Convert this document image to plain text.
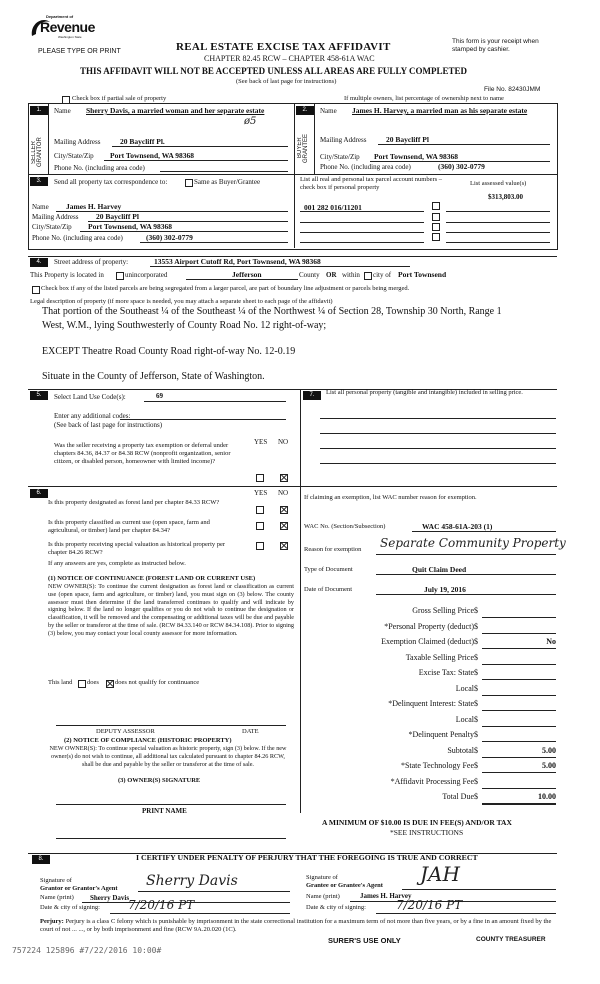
Department of
Revenue
Washington State
PLEASE TYPE OR PRINT	REAL ESTATE EXCISE TAX AFFIDAVIT
CHAPTER 82.45 RCW – CHAPTER 458-61A WAC
This form is your receipt when stamped by cashier.
THIS AFFIDAVIT WILL NOT BE ACCEPTED UNLESS ALL AREAS ARE FULLY COMPLETED
(See back of last page for instructions)
File No. 82430JMM
Check box if partial sale of property	If multiple owners, list percentage of ownership next to name
1.
SELLER GRANTOR
Name Sherry Davis, a married woman and her separate estate
ø5
Mailing Address	20 Baycliff Pl.
City/State/Zip Port Townsend, WA 98368
Phone No. (including area code)
2.
BUYER GRANTEE
Name James H. Harvey, a married man as his separate estate
Mailing Address	20 Baycliff Pl
City/State/Zip Port Townsend, WA 98368
Phone No. (including area code)	(360) 302-0779
3.	Send all property tax correspondence to:	Same as Buyer/Grantee
Name James H. Harvey
Mailing Address 20 Baycliff Pl
City/State/Zip Port Townsend, WA 98368
Phone No. (including area code)	(360) 302-0779
List all real and personal tax parcel account numbers – check box if personal property
List assessed value(s)
$313,803.00
001 282 016/11201
4.	Street address of property:	13553 Airport Cutoff Rd, Port Townsend, WA 98368
This Property is located in	unincorporated	Jefferson	County OR within city of Port Townsend
Check box if any of the listed parcels are being segregated from a larger parcel, are part of boundary line adjustment or parcels being merged.
Legal description of property (if more space is needed, you may attach a separate sheet to each page of the affidavit)
That portion of the Southeast ¼ of the Southeast ¼ of the Northwest ¼ of Section 28, Township 30 North, Range 1
West, W.M., lying Southwesterly of County Road No. 12 right-of-way;
EXCEPT Theatre Road County Road right-of-way No. 12-0.19
Situate in the County of Jefferson, State of Washington.
5.	Select Land Use Code(s):	69
Enter any additional codes:
(See back of last page for instructions)
YES NO
Was the seller receiving a property tax exemption or deferral under chapters 84.36, 84.37 or 84.38 RCW (nonprofit organization, senior citizen, or disabled person, homeowner with limited income)?
6.	YES NO
Is this property designated as forest land per chapter 84.33 RCW?
Is this property classified as current use (open space, farm and agricultural, or timber) land per chapter 84.34?
Is this property receiving special valuation as historical property per chapter 84.26 RCW?
If any answers are yes, complete as instructed below.
(1) NOTICE OF CONTINUANCE (FOREST LAND OR CURRENT USE)
NEW OWNER(S): To continue the current designation as forest land or classification as current use (open space, farm and agriculture, or timber) land, you must sign on (3) below. The county assessor must then determine if the land transferred continues to qualify and will indicate by signing below. If the land no longer qualifies or you do not wish to continue the designation or classification, it will be removed and the compensating or additional taxes will be due and payable by the seller or transferor at the time of sale. (RCW 84.33.140 or RCW 84.34.108). Prior to signing (3) below, you may contact your local county assessor for more information.
This land does does not qualify for continuance
DEPUTY ASSESSOR	DATE
(2) NOTICE OF COMPLIANCE (HISTORIC PROPERTY)
NEW OWNER(S): To continue special valuation as historic property, sign (3) below. If the new owner(s) do not wish to continue, all additional tax calculated pursuant to chapter 84.26 RCW, shall be due and payable by the seller or transferor at the time of sale.
(3) OWNER(S) SIGNATURE
PRINT NAME
7.	List all personal property (tangible and intangible) included in selling price.
If claiming an exemption, list WAC number reason for exemption.
WAC No. (Section/Subsection)	WAC 458-61A-203 (1)
Reason for exemption Separate Community Property
Type of Document	Quit Claim Deed
Date of Document	July 19, 2016
Gross Selling Price $
*Personal Property (deduct) $
Exemption Claimed (deduct) $	No
Taxable Selling Price $
Excise Tax: State $
Local $
*Delinquent Interest: State $
Local $
*Delinquent Penalty $
Subtotal $	5.00
*State Technology Fee $	5.00
*Affidavit Processing Fee $
Total Due $	10.00
A MINIMUM OF $10.00 IS DUE IN FEE(S) AND/OR TAX
*SEE INSTRUCTIONS
8.	I CERTIFY UNDER PENALTY OF PERJURY THAT THE FOREGOING IS TRUE AND CORRECT
Signature of
Grantor or Grantor's Agent Sherry Davis
Name (print) Sherry Davis
Date & city of signing: 7/20/16 PT
Signature of
Grantee or Grantee's Agent JAH
Name (print)	James H. Harvey
Date & city of signing:	7/20/16 PT
Perjury: Perjury is a class C felony which is punishable by imprisonment in the state correctional institution for a maximum term of not more than five years, or by a fine in an amount fixed by the court of not ... ..., or by both imprisonment and fine (RCW 9A.20.020 (1C).
SURER'S USE ONLY	COUNTY TREASURER
757224 125896 #7/22/2016 10:00#
